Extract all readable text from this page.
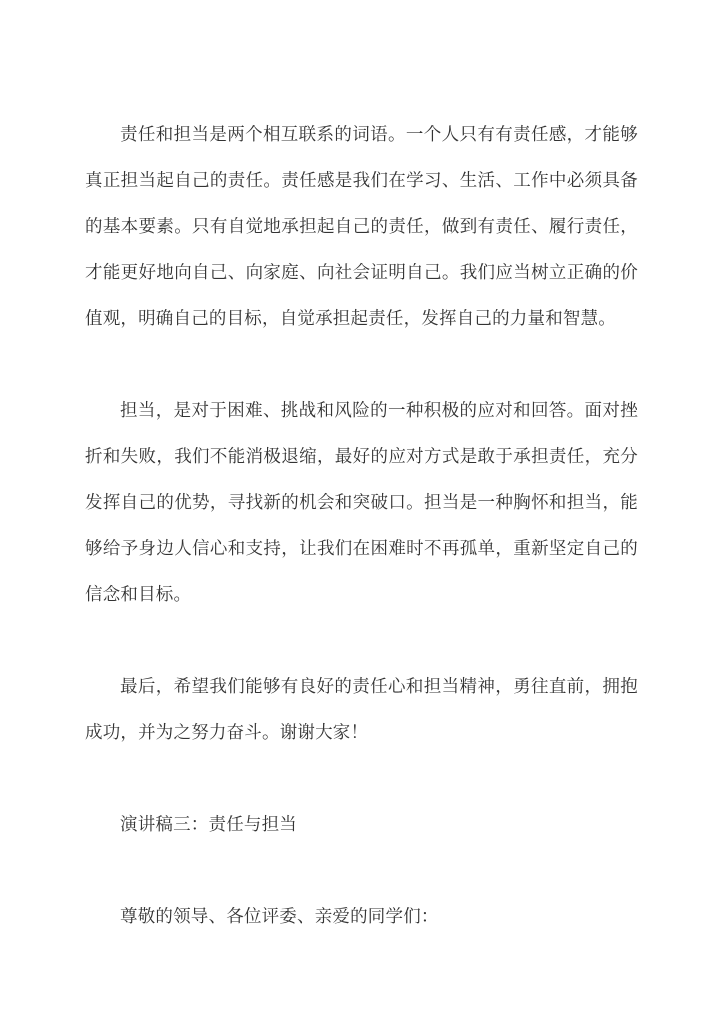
责任和担当是两个相互联系的词语。一个人只有有责任感，才能够真正担当起自己的责任。责任感是我们在学习、生活、工作中必须具备的基本要素。只有自觉地承担起自己的责任，做到有责任、履行责任，才能更好地向自己、向家庭、向社会证明自己。我们应当树立正确的价值观，明确自己的目标，自觉承担起责任，发挥自己的力量和智慧。

担当，是对于困难、挑战和风险的一种积极的应对和回答。面对挫折和失败，我们不能消极退缩，最好的应对方式是敢于承担责任，充分发挥自己的优势，寻找新的机会和突破口。担当是一种胸怀和担当，能够给予身边人信心和支持，让我们在困难时不再孤单，重新坚定自己的信念和目标。

最后，希望我们能够有良好的责任心和担当精神，勇往直前，拥抱成功，并为之努力奋斗。谢谢大家！

演讲稿三：责任与担当

尊敬的领导、各位评委、亲爱的同学们：
